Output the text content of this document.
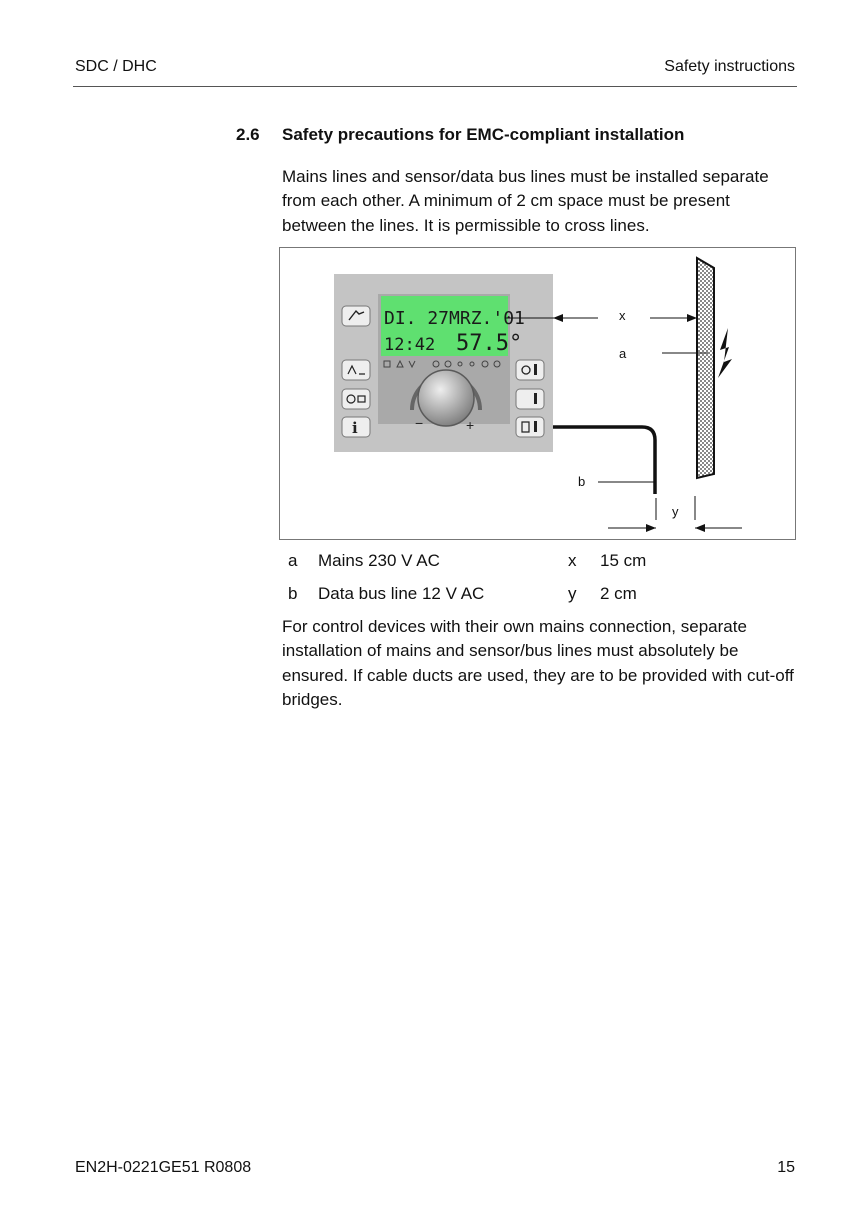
SDC / DHC	Safety instructions
2.6 Safety precautions for EMC-compliant installation
Mains lines and sensor/data bus lines must be installed separate from each other. A minimum of 2 cm space must be present between the lines. It is permissible to cross lines.
DI. 27MRZ.'01
12:42 57.5°
−	+
i
x
a
b
y
a Mains 230 V AC	x 15 cm
b Data bus line 12 V AC	y 2 cm
For control devices with their own mains connection, separate installation of mains and sensor/bus lines must absolutely be ensured. If cable ducts are used, they are to be provided with cut-off bridges.
EN2H-0221GE51 R0808	15
